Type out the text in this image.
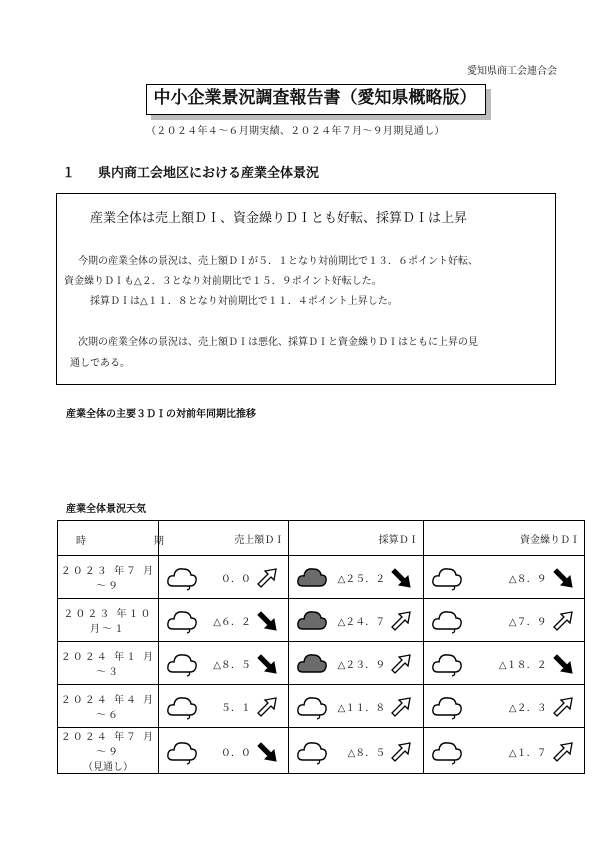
愛知県商工会連合会
中小企業景況調査報告書（愛知県概略版）
（２０２４年４～６月期実績、２０２４年７月～９月期見通し）
１ 県内商工会地区における産業全体景況
産業全体は売上額ＤＩ、資金繰りＤＩとも好転、採算ＤＩは上昇
今期の産業全体の景況は、売上額ＤＩが５．１となり対前期比で１３．６ポイント好転、
資金繰りＤＩも△２．３となり対前期比で１５．９ポイント好転した。
採算ＤＩは△１１．８となり対前期比で１１．４ポイント上昇した。
次期の産業全体の景況は、売上額ＤＩは悪化、採算ＤＩと資金繰りＤＩはともに上昇の見
通しである。
産業全体の主要３ＤＩの対前年同期比推移
産業全体景況天気
時 期	売上額ＤＩ	採算ＤＩ	資金繰りＤＩ

２０２３ 年７ 月～９	０．０	△２５．２	△８．９

２０２３ 年１０ 月～１	△６．２	△２４．７	△７．９

２０２４ 年１ 月～３	△８．５	△２３．９	△１８．２

２０２４ 年４ 月～６	５．１	△１１．８	△２．３

２０２４ 年７ 月～９
（見通し）	０．０	△８．５	△１．７
